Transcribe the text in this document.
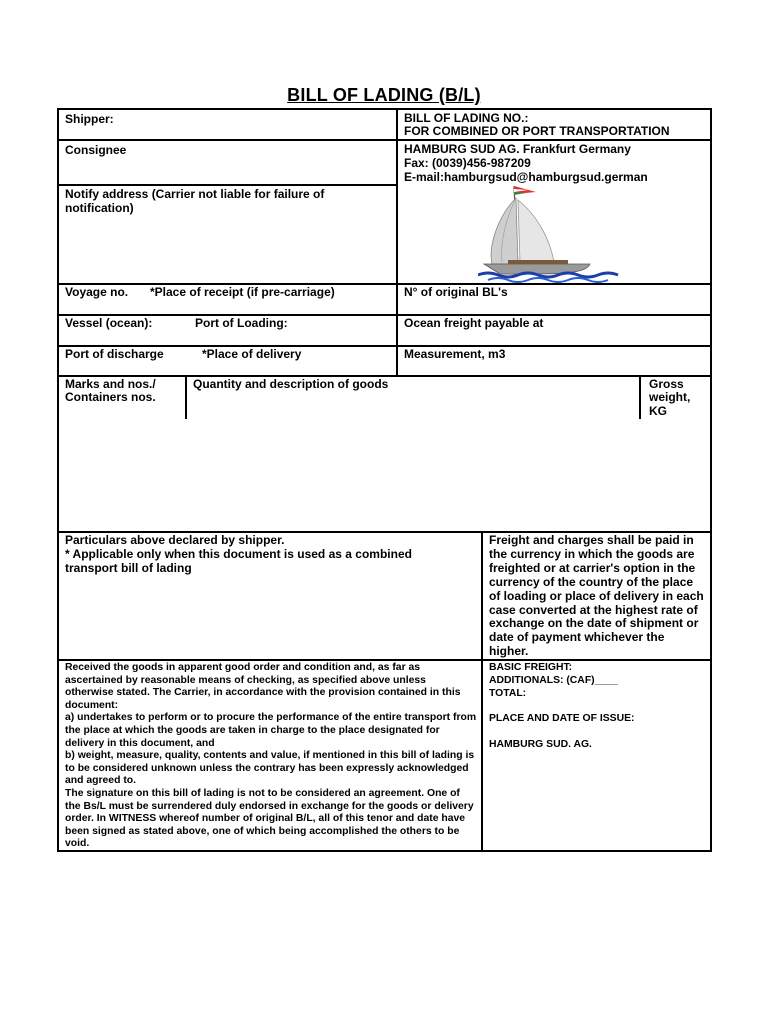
BILL OF LADING (B/L)
Shipper:	BILL OF LADING NO.:
FOR COMBINED OR PORT TRANSPORTATION
Consignee	HAMBURG SUD AG. Frankfurt Germany
Fax: (0039)456-987209
E-mail:hamburgsud@hamburgsud.german
Notify address (Carrier not liable for failure of notification)
Voyage no. *Place of receipt (if pre-carriage)	N° of original BL's
Vessel (ocean):	Port of Loading:	Ocean freight payable at
Port of discharge	*Place of delivery	Measurement, m3
Marks and nos./
Containers nos.
Quantity and description of goods	Gross
weight,
KG
Particulars above declared by shipper.
* Applicable only when this document is used as a combined transport bill of lading
Freight and charges shall be paid in the currency in which the goods are freighted or at carrier's option in the currency of the country of the place of loading or place of delivery in each case converted at the highest rate of exchange on the date of shipment or date of payment whichever the higher.
Received the goods in apparent good order and condition and, as far as ascertained by reasonable means of checking, as specified above unless otherwise stated. The Carrier, in accordance with the provision contained in this document:
a) undertakes to perform or to procure the performance of the entire transport from the place at which the goods are taken in charge to the place designated for delivery in this document, and
b) weight, measure, quality, contents and value, if mentioned in this bill of lading is to be considered unknown unless the contrary has been expressly acknowledged and agreed to.
The signature on this bill of lading is not to be considered an agreement. One of the Bs/L must be surrendered duly endorsed in exchange for the goods or delivery order. In WITNESS whereof number of original B/L, all of this tenor and date have been signed as stated above, one of which being accomplished the others to be void.
BASIC FREIGHT:
ADDITIONALS: (CAF)____
TOTAL:
PLACE AND DATE OF ISSUE:
HAMBURG SUD. AG.
